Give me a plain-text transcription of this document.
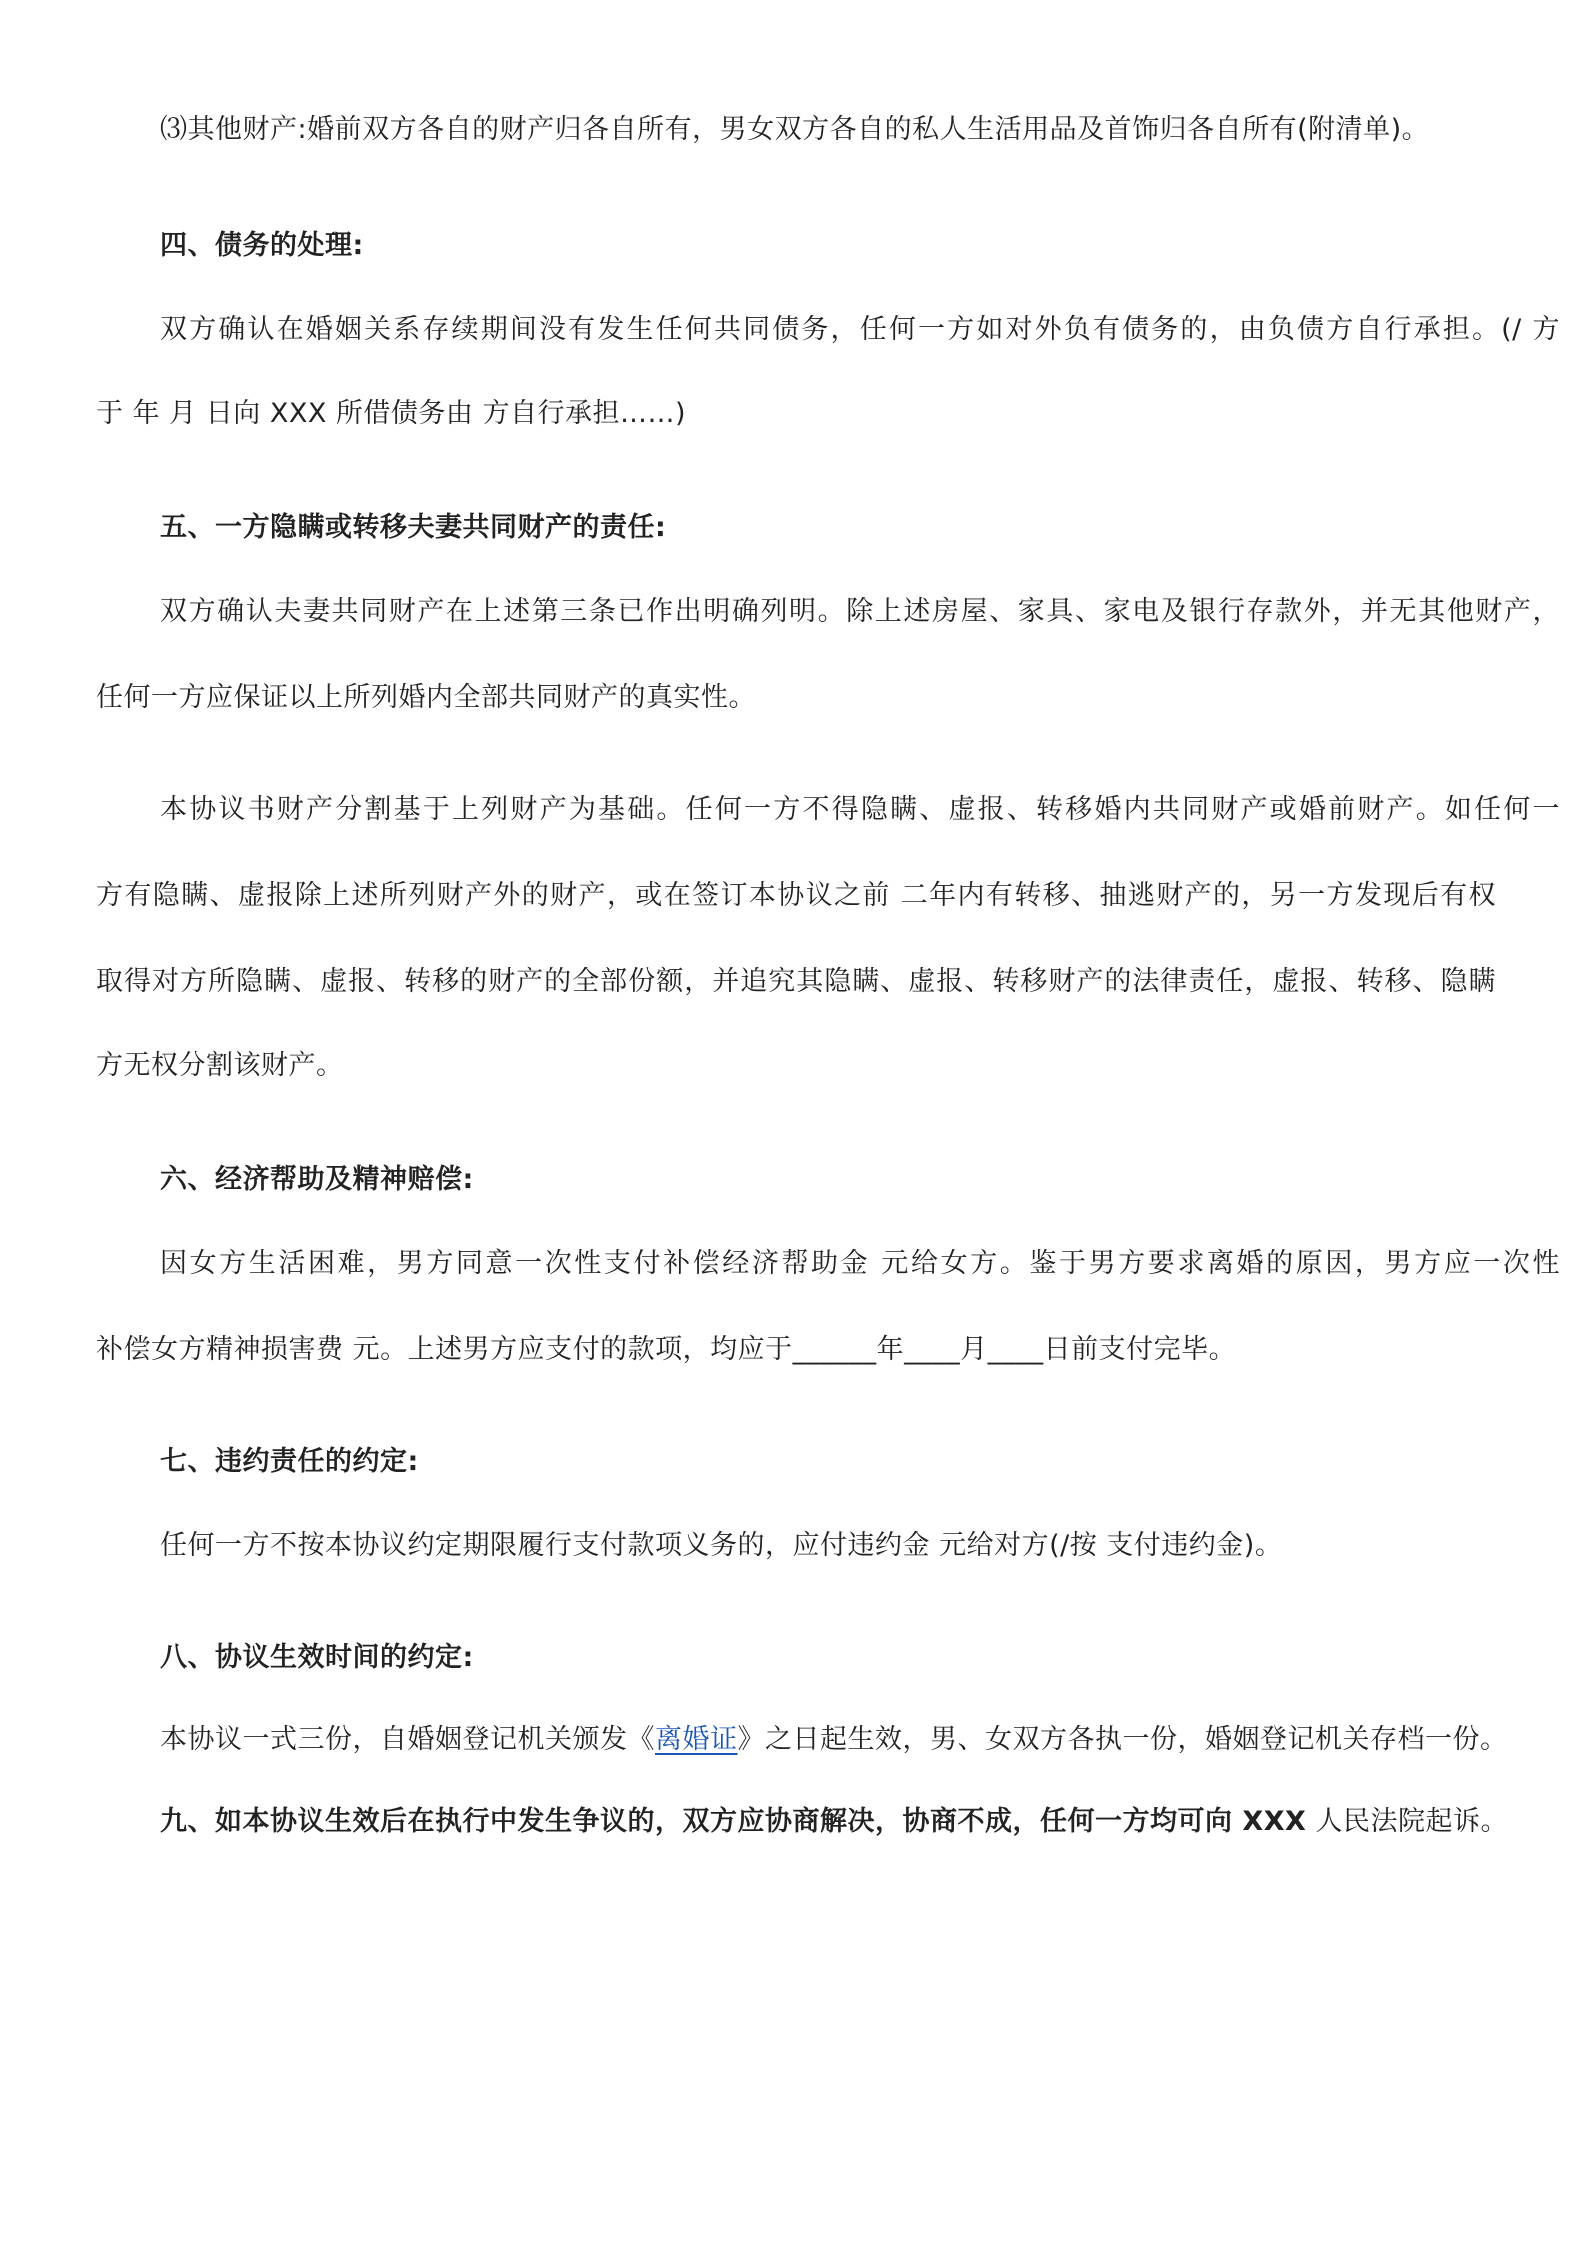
⑶其他财产:婚前双方各自的财产归各自所有，男女双方各自的私人生活用品及首饰归各自所有(附清单)。
四、债务的处理:
双方确认在婚姻关系存续期间没有发生任何共同债务，任何一方如对外负有债务的，由负债方自行承担。(/ 方
于 年 月 日向 XXX 所借债务由 方自行承担……)
五、一方隐瞒或转移夫妻共同财产的责任:
双方确认夫妻共同财产在上述第三条已作出明确列明。除上述房屋、家具、家电及银行存款外，并无其他财产，
任何一方应保证以上所列婚内全部共同财产的真实性。
本协议书财产分割基于上列财产为基础。任何一方不得隐瞒、虚报、转移婚内共同财产或婚前财产。如任何一
方有隐瞒、虚报除上述所列财产外的财产，或在签订本协议之前 二年内有转移、抽逃财产的，另一方发现后有权
取得对方所隐瞒、虚报、转移的财产的全部份额，并追究其隐瞒、虚报、转移财产的法律责任，虚报、转移、隐瞒
方无权分割该财产。
六、经济帮助及精神赔偿:
因女方生活困难，男方同意一次性支付补偿经济帮助金 元给女方。鉴于男方要求离婚的原因，男方应一次性
补偿女方精神损害费 元。上述男方应支付的款项，均应于______年____月____日前支付完毕。
七、违约责任的约定:
任何一方不按本协议约定期限履行支付款项义务的，应付违约金 元给对方(/按 支付违约金)。
八、协议生效时间的约定:
本协议一式三份，自婚姻登记机关颁发《离婚证》之日起生效，男、女双方各执一份，婚姻登记机关存档一份。
九、如本协议生效后在执行中发生争议的，双方应协商解决，协商不成，任何一方均可向 XXX 人民法院起诉。
